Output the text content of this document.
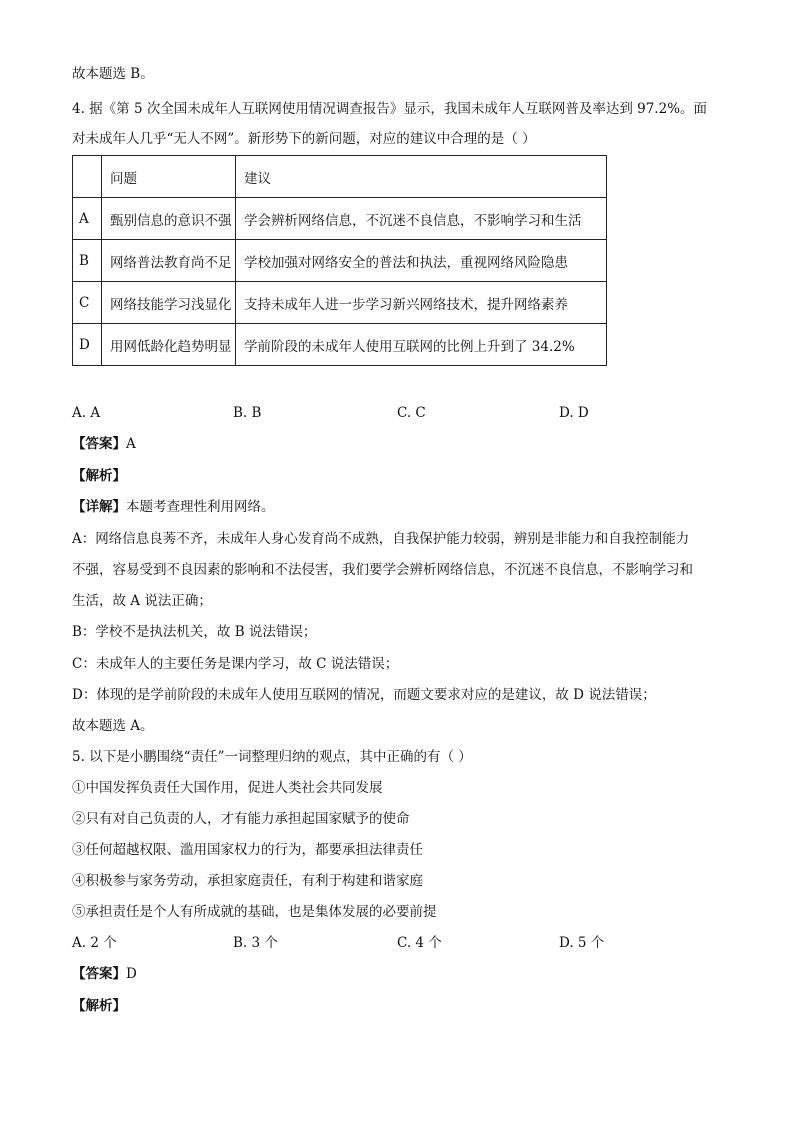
故本题选 B。
4. 据《第 5 次全国未成年人互联网使用情况调查报告》显示，我国未成年人互联网普及率达到 97.2%。面
对未成年人几乎“无人不网”。新形势下的新问题，对应的建议中合理的是（ ）
	问题	建议
A	甄别信息的意识不强	学会辨析网络信息，不沉迷不良信息，不影响学习和生活
B	网络普法教育尚不足	学校加强对网络安全的普法和执法，重视网络风险隐患
C	网络技能学习浅显化	支持未成年人进一步学习新兴网络技术，提升网络素养
D	用网低龄化趋势明显	学前阶段的未成年人使用互联网的比例上升到了 34.2%
A. A	B. B	C. C	D. D
【答案】A
【解析】
【详解】本题考查理性利用网络。
A：网络信息良莠不齐，未成年人身心发育尚不成熟，自我保护能力较弱，辨别是非能力和自我控制能力
不强，容易受到不良因素的影响和不法侵害，我们要学会辨析网络信息，不沉迷不良信息，不影响学习和
生活，故 A 说法正确；
B：学校不是执法机关，故 B 说法错误；
C：未成年人的主要任务是课内学习，故 C 说法错误；
D：体现的是学前阶段的未成年人使用互联网的情况，而题文要求对应的是建议，故 D 说法错误；
故本题选 A。
5. 以下是小鹏围绕“责任”一词整理归纳的观点，其中正确的有（ ）
①中国发挥负责任大国作用，促进人类社会共同发展
②只有对自己负责的人，才有能力承担起国家赋予的使命
③任何超越权限、滥用国家权力的行为，都要承担法律责任
④积极参与家务劳动，承担家庭责任，有利于构建和谐家庭
⑤承担责任是个人有所成就的基础，也是集体发展的必要前提
A. 2 个	B. 3 个	C. 4 个	D. 5 个
【答案】D
【解析】
